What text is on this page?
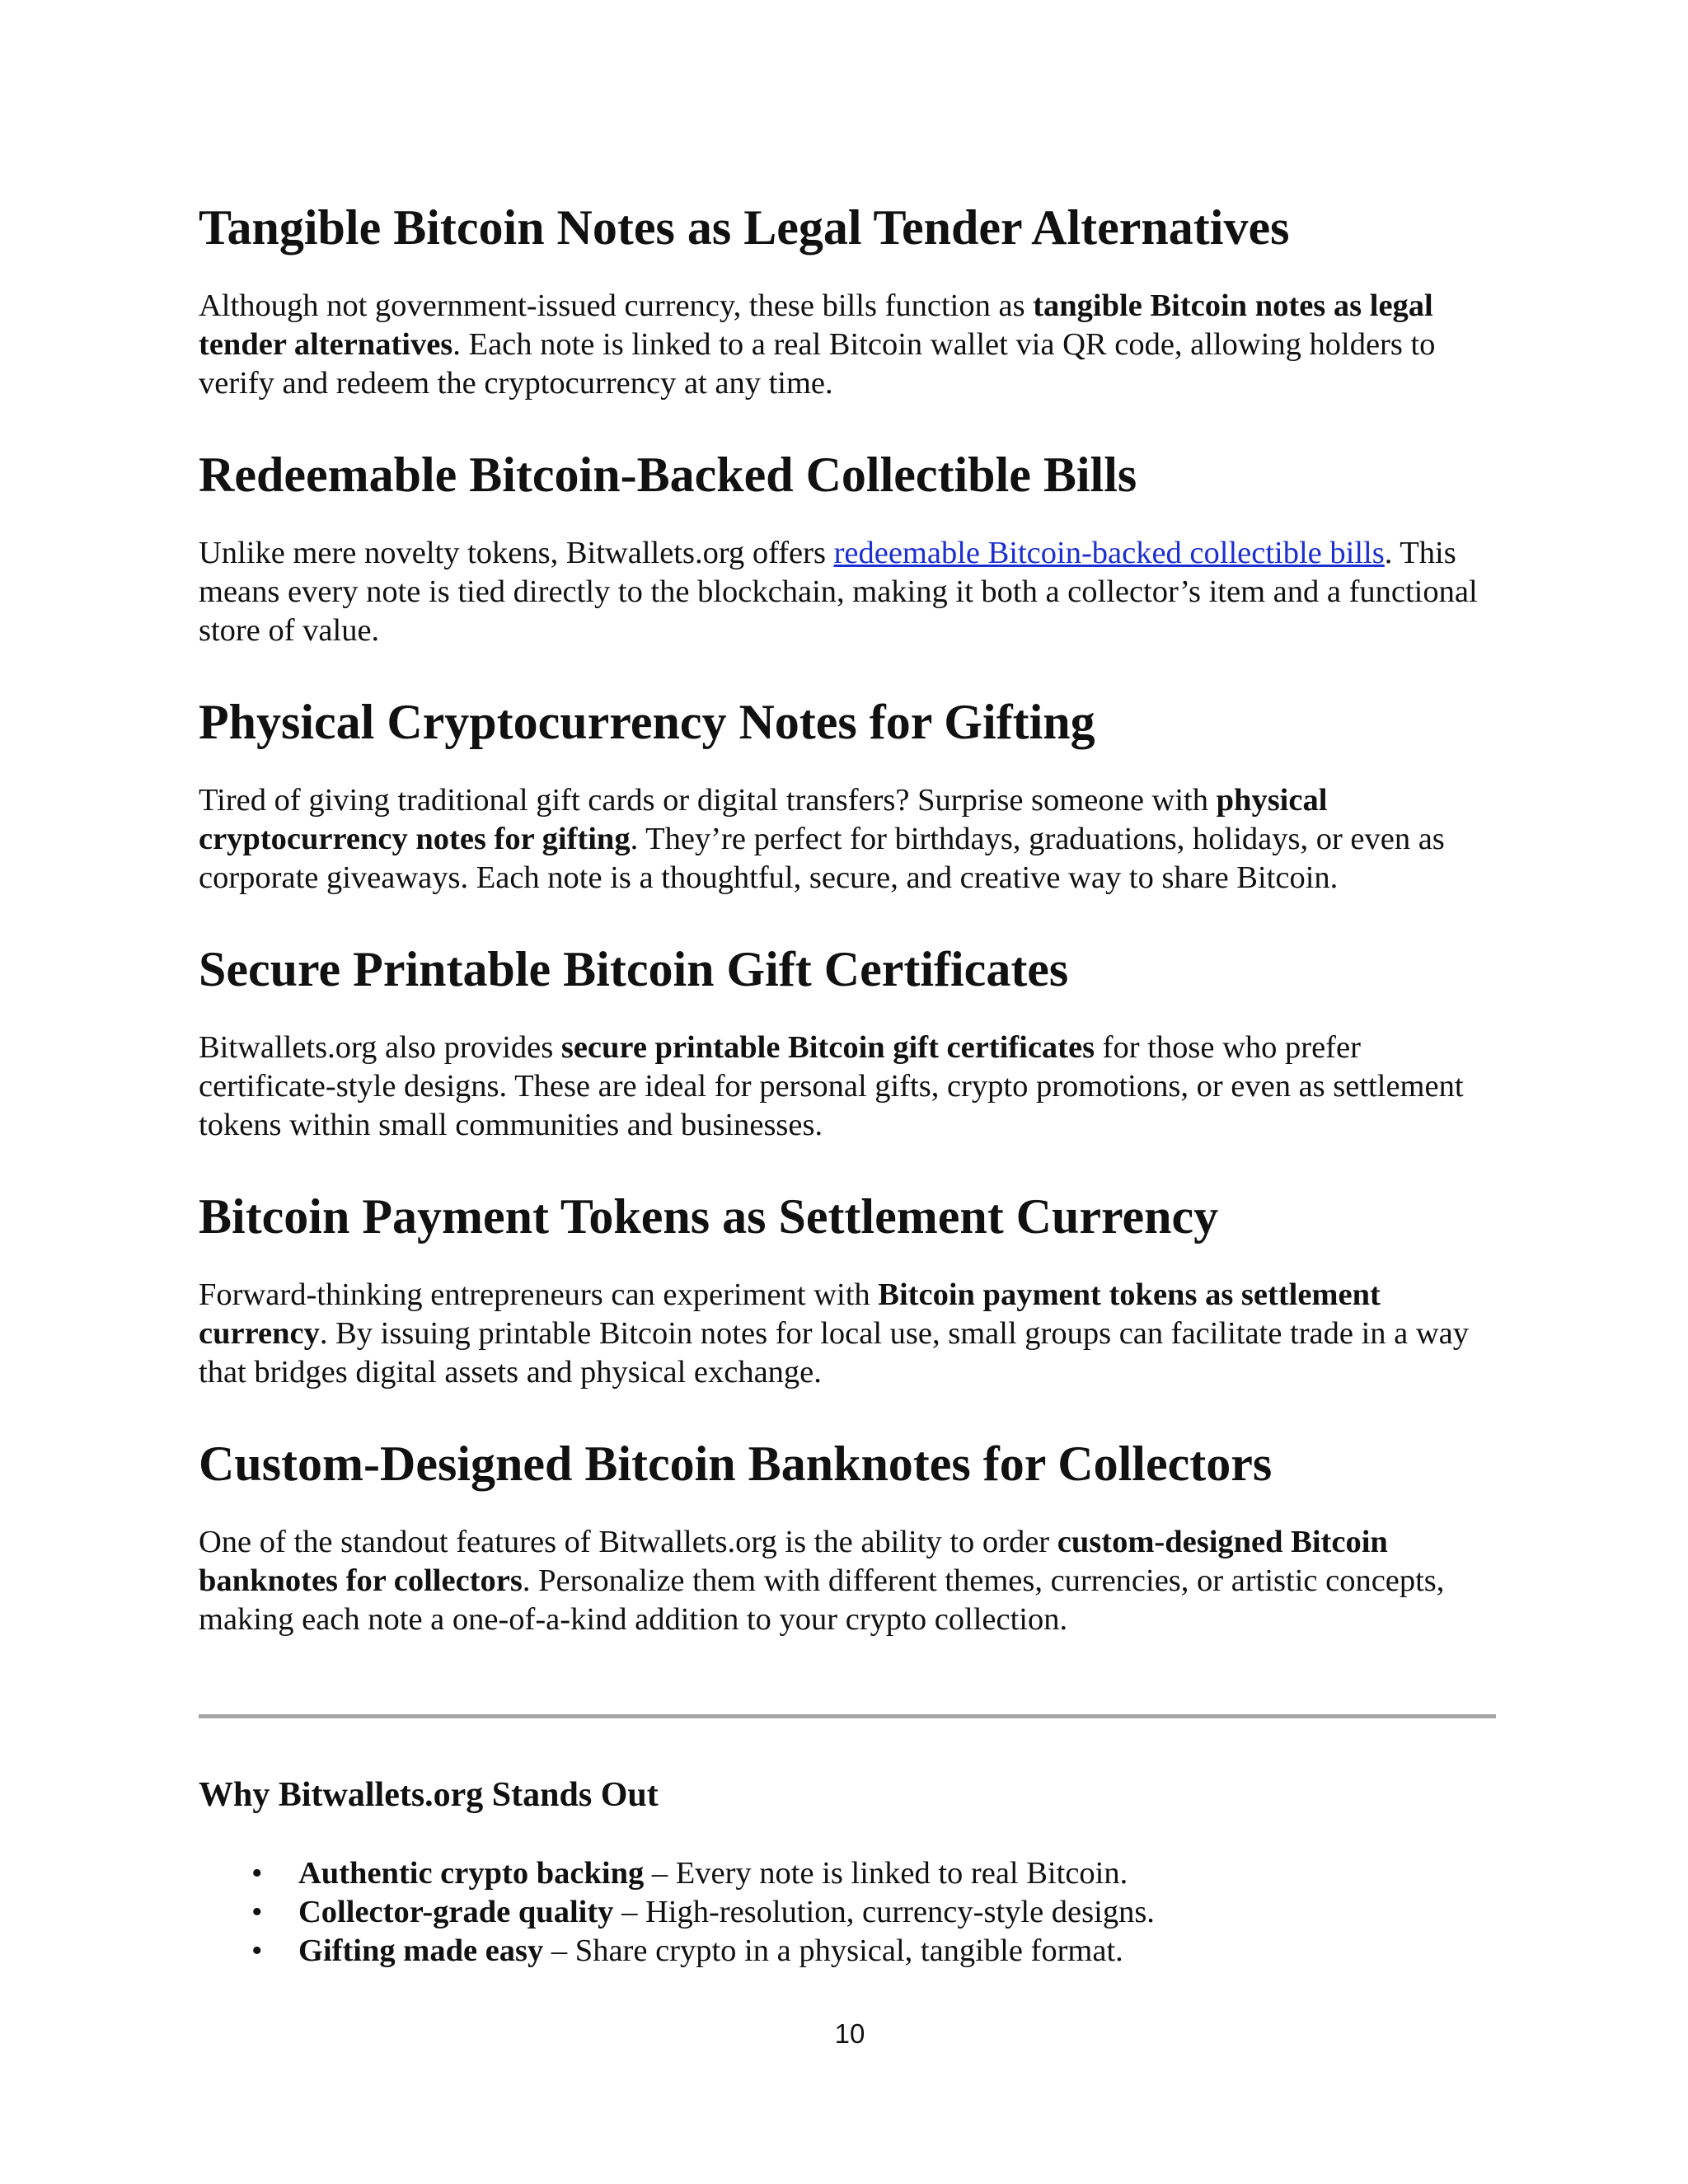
Tangible Bitcoin Notes as Legal Tender Alternatives

Although not government-issued currency, these bills function as tangible Bitcoin notes as legal tender alternatives. Each note is linked to a real Bitcoin wallet via QR code, allowing holders to verify and redeem the cryptocurrency at any time.

Redeemable Bitcoin-Backed Collectible Bills

Unlike mere novelty tokens, Bitwallets.org offers redeemable Bitcoin-backed collectible bills. This means every note is tied directly to the blockchain, making it both a collector’s item and a functional store of value.

Physical Cryptocurrency Notes for Gifting

Tired of giving traditional gift cards or digital transfers? Surprise someone with physical cryptocurrency notes for gifting. They’re perfect for birthdays, graduations, holidays, or even as corporate giveaways. Each note is a thoughtful, secure, and creative way to share Bitcoin.

Secure Printable Bitcoin Gift Certificates

Bitwallets.org also provides secure printable Bitcoin gift certificates for those who prefer certificate-style designs. These are ideal for personal gifts, crypto promotions, or even as settlement tokens within small communities and businesses.

Bitcoin Payment Tokens as Settlement Currency

Forward-thinking entrepreneurs can experiment with Bitcoin payment tokens as settlement currency. By issuing printable Bitcoin notes for local use, small groups can facilitate trade in a way that bridges digital assets and physical exchange.

Custom-Designed Bitcoin Banknotes for Collectors

One of the standout features of Bitwallets.org is the ability to order custom-designed Bitcoin banknotes for collectors. Personalize them with different themes, currencies, or artistic concepts, making each note a one-of-a-kind addition to your crypto collection.

Why Bitwallets.org Stands Out
• Authentic crypto backing – Every note is linked to real Bitcoin.
• Collector-grade quality – High-resolution, currency-style designs.
• Gifting made easy – Share crypto in a physical, tangible format.
10
